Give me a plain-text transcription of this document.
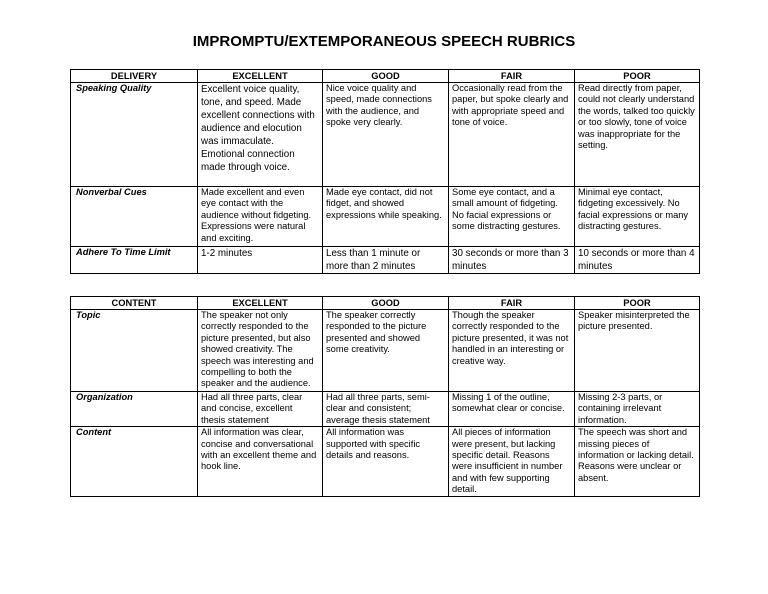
IMPROMPTU/EXTEMPORANEOUS SPEECH RUBRICS
DELIVERY	EXCELLENT	GOOD	FAIR	POOR
Speaking Quality	Excellent voice quality, tone, and speed. Made excellent connections with audience and elocution was immaculate. Emotional connection made through voice.	Nice voice quality and speed, made connections with the audience, and spoke very clearly.	Occasionally read from the paper, but spoke clearly and with appropriate speed and tone of voice.	Read directly from paper, could not clearly understand the words, talked too quickly or too slowly, tone of voice was inappropriate for the setting.
Nonverbal Cues	Made excellent and even eye contact with the audience without fidgeting. Expressions were natural and exciting.	Made eye contact, did not fidget, and showed expressions while speaking.	Some eye contact, and a small amount of fidgeting. No facial expressions or some distracting gestures.	Minimal eye contact, fidgeting excessively. No facial expressions or many distracting gestures.
Adhere To Time Limit	1-2 minutes	Less than 1 minute or more than 2 minutes	30 seconds or more than 3 minutes	10 seconds or more than 4 minutes
CONTENT	EXCELLENT	GOOD	FAIR	POOR
Topic	The speaker not only correctly responded to the picture presented, but also showed creativity. The speech was interesting and compelling to both the speaker and the audience.	The speaker correctly responded to the picture presented and showed some creativity.	Though the speaker correctly responded to the picture presented, it was not handled in an interesting or creative way.	Speaker misinterpreted the picture presented.
Organization	Had all three parts, clear and concise, excellent thesis statement	Had all three parts, semi-clear and consistent; average thesis statement	Missing 1 of the outline, somewhat clear or concise.	Missing 2-3 parts, or containing irrelevant information.
Content	All information was clear, concise and conversational with an excellent theme and hook line.	All information was supported with specific details and reasons.	All pieces of information were present, but lacking specific detail. Reasons were insufficient in number and with few supporting detail.	The speech was short and missing pieces of information or lacking detail. Reasons were unclear or absent.
